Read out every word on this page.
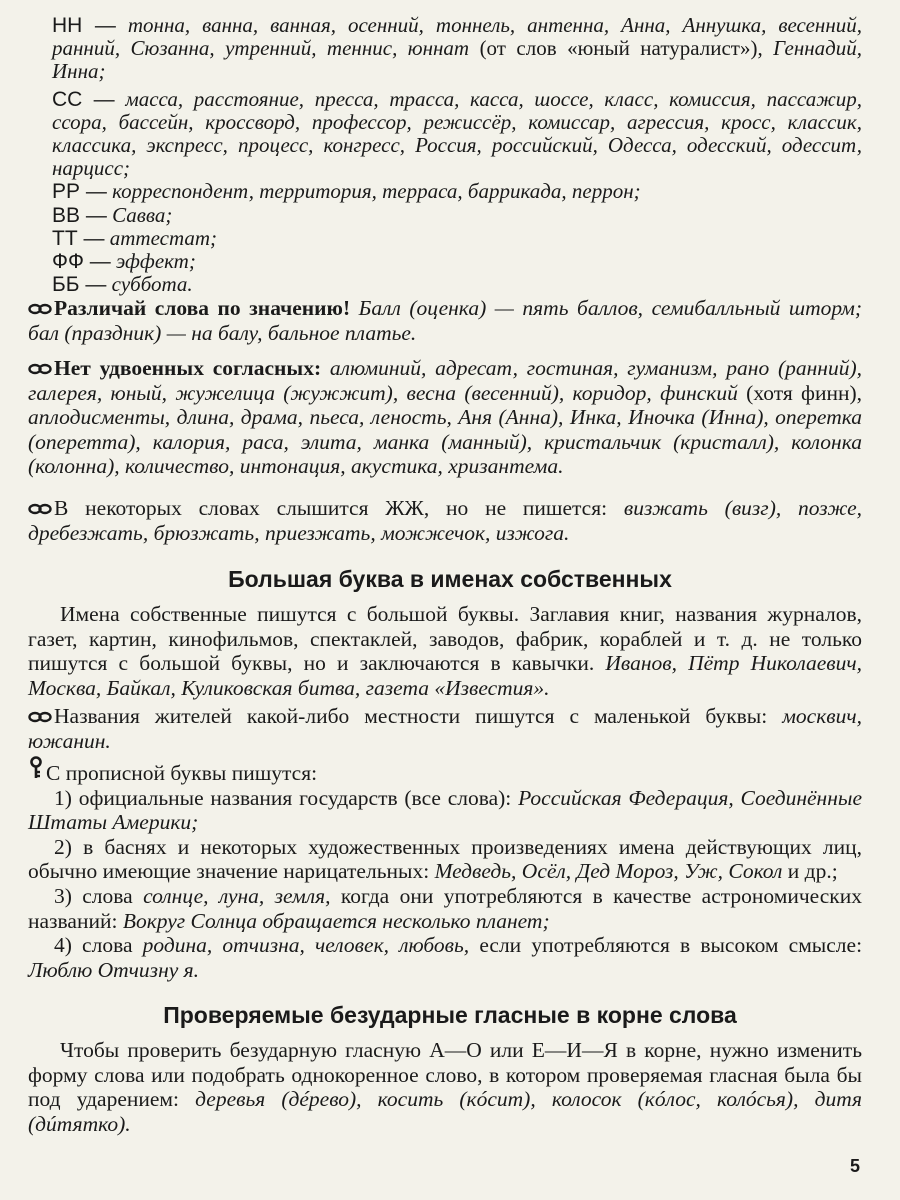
НН — тонна, ванна, ванная, осенний, тоннель, антенна, Анна, Аннушка, весенний, ранний, Сюзанна, утренний, теннис, юннат (от слов «юный натуралист»), Геннадий, Инна;

СС — масса, расстояние, пресса, трасса, касса, шоссе, класс, комиссия, пассажир, ссора, бассейн, кроссворд, профессор, режиссёр, комиссар, агрессия, кросс, классик, классика, экспресс, процесс, конгресс, Россия, российский, Одесса, одесский, одессит, нарцисс;

РР — корреспондент, территория, терраса, баррикада, перрон;

ВВ — Савва;

ТТ — аттестат;

ФФ — эффект;

ББ — суббота.

Различай слова по значению! Балл (оценка) — пять баллов, семибалльный шторм; бал (праздник) — на балу, бальное платье.

Нет удвоенных согласных: алюминий, адресат, гостиная, гуманизм, рано (ранний), галерея, юный, жужелица (жужжит), весна (весенний), коридор, финский (хотя финн), аплодисменты, длина, драма, пьеса, леность, Аня (Анна), Инка, Иночка (Инна), оперетка (оперетта), калория, раса, элита, манка (манный), кристальчик (кристалл), колонка (колонна), количество, интонация, акустика, хризантема.

В некоторых словах слышится ЖЖ, но не пишется: визжать (визг), позже, дребезжать, брюзжать, приезжать, можжечок, изжога.

Большая буква в именах собственных

Имена собственные пишутся с большой буквы. Заглавия книг, названия журналов, газет, картин, кинофильмов, спектаклей, заводов, фабрик, кораблей и т. д. не только пишутся с большой буквы, но и заключаются в кавычки. Иванов, Пётр Николаевич, Москва, Байкал, Куликовская битва, газета «Известия».

Названия жителей какой-либо местности пишутся с маленькой буквы: москвич, южанин.

С прописной буквы пишутся:

1) официальные названия государств (все слова): Российская Федерация, Соединённые Штаты Америки;

2) в баснях и некоторых художественных произведениях имена действующих лиц, обычно имеющие значение нарицательных: Медведь, Осёл, Дед Мороз, Уж, Сокол и др.;

3) слова солнце, луна, земля, когда они употребляются в качестве астрономических названий: Вокруг Солнца обращается несколько планет;

4) слова родина, отчизна, человек, любовь, если употребляются в высоком смысле: Люблю Отчизну я.

Проверяемые безударные гласные в корне слова

Чтобы проверить безударную гласную А—О или Е—И—Я в корне, нужно изменить форму слова или подобрать однокоренное слово, в котором проверяемая гласная была бы под ударением: деревья (дéрево), косить (кóсит), колосок (кóлос, колóсья), дитя (дúтятко).

5
